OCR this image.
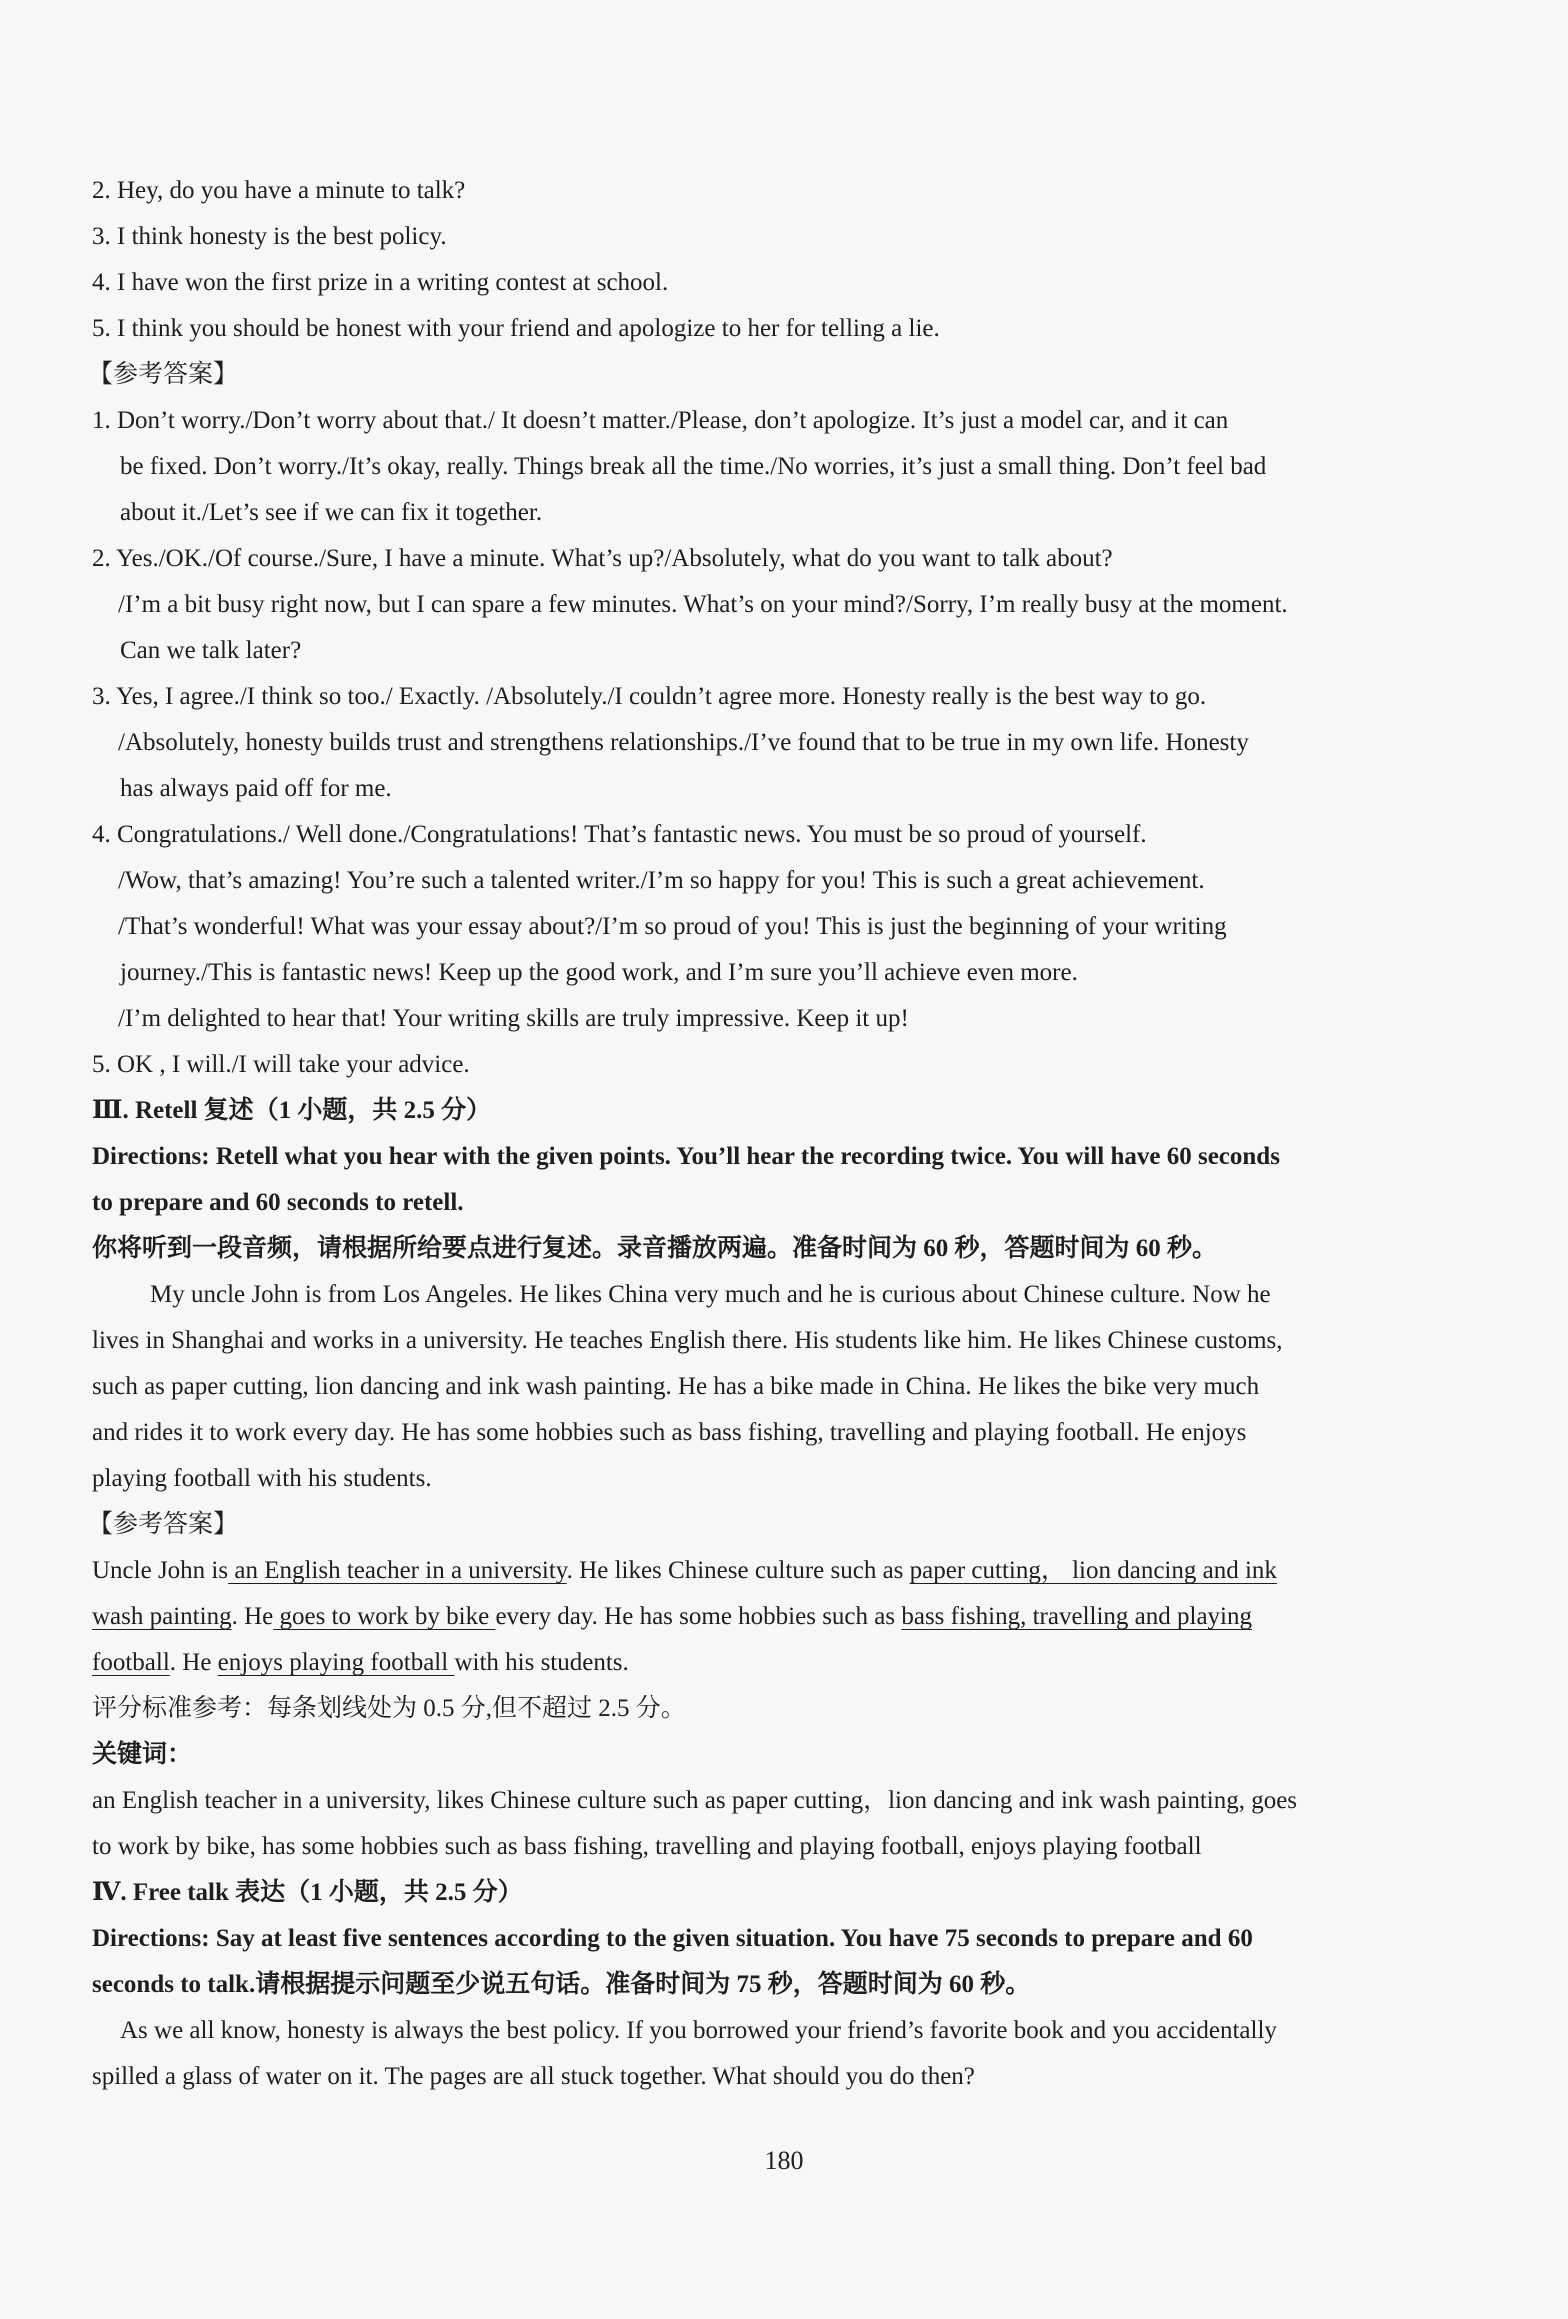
2. Hey, do you have a minute to talk?
3. I think honesty is the best policy.
4. I have won the first prize in a writing contest at school.
5. I think you should be honest with your friend and apologize to her for telling a lie.
【参考答案】
1. Don’t worry./Don’t worry about that./ It doesn’t matter./Please, don’t apologize. It’s just a model car, and it can
be fixed. Don’t worry./It’s okay, really. Things break all the time./No worries, it’s just a small thing. Don’t feel bad
about it./Let’s see if we can fix it together.
2. Yes./OK./Of course./Sure, I have a minute. What’s up?/Absolutely, what do you want to talk about?
/I’m a bit busy right now, but I can spare a few minutes. What’s on your mind?/Sorry, I’m really busy at the moment.
Can we talk later?
3. Yes, I agree./I think so too./ Exactly. /Absolutely./I couldn’t agree more. Honesty really is the best way to go.
/Absolutely, honesty builds trust and strengthens relationships./I’ve found that to be true in my own life. Honesty
has always paid off for me.
4. Congratulations./ Well done./Congratulations! That’s fantastic news. You must be so proud of yourself.
/Wow, that’s amazing! You’re such a talented writer./I’m so happy for you! This is such a great achievement.
/That’s wonderful! What was your essay about?/I’m so proud of you! This is just the beginning of your writing
journey./This is fantastic news! Keep up the good work, and I’m sure you’ll achieve even more.
/I’m delighted to hear that! Your writing skills are truly impressive. Keep it up!
5. OK , I will./I will take your advice.
Ⅲ. Retell 复述（1 小题，共 2.5 分）
Directions: Retell what you hear with the given points. You’ll hear the recording twice. You will have 60 seconds
to prepare and 60 seconds to retell.
你将听到一段音频，请根据所给要点进行复述。录音播放两遍。准备时间为 60 秒，答题时间为 60 秒。
My uncle John is from Los Angeles. He likes China very much and he is curious about Chinese culture. Now he
lives in Shanghai and works in a university. He teaches English there. His students like him. He likes Chinese customs,
such as paper cutting, lion dancing and ink wash painting. He has a bike made in China. He likes the bike very much
and rides it to work every day. He has some hobbies such as bass fishing, travelling and playing football. He enjoys
playing football with his students.
【参考答案】
Uncle John is an English teacher in a university. He likes Chinese culture such as paper cutting， lion dancing and ink
wash painting. He goes to work by bike every day. He has some hobbies such as bass fishing, travelling and playing
football. He enjoys playing football with his students.
评分标准参考：每条划线处为 0.5 分,但不超过 2.5 分。
关键词：
an English teacher in a university, likes Chinese culture such as paper cutting，lion dancing and ink wash painting, goes
to work by bike, has some hobbies such as bass fishing, travelling and playing football, enjoys playing football
Ⅳ. Free talk 表达（1 小题，共 2.5 分）
Directions: Say at least five sentences according to the given situation. You have 75 seconds to prepare and 60
seconds to talk.请根据提示问题至少说五句话。准备时间为 75 秒，答题时间为 60 秒。
As we all know, honesty is always the best policy. If you borrowed your friend’s favorite book and you accidentally
spilled a glass of water on it. The pages are all stuck together. What should you do then?
180
